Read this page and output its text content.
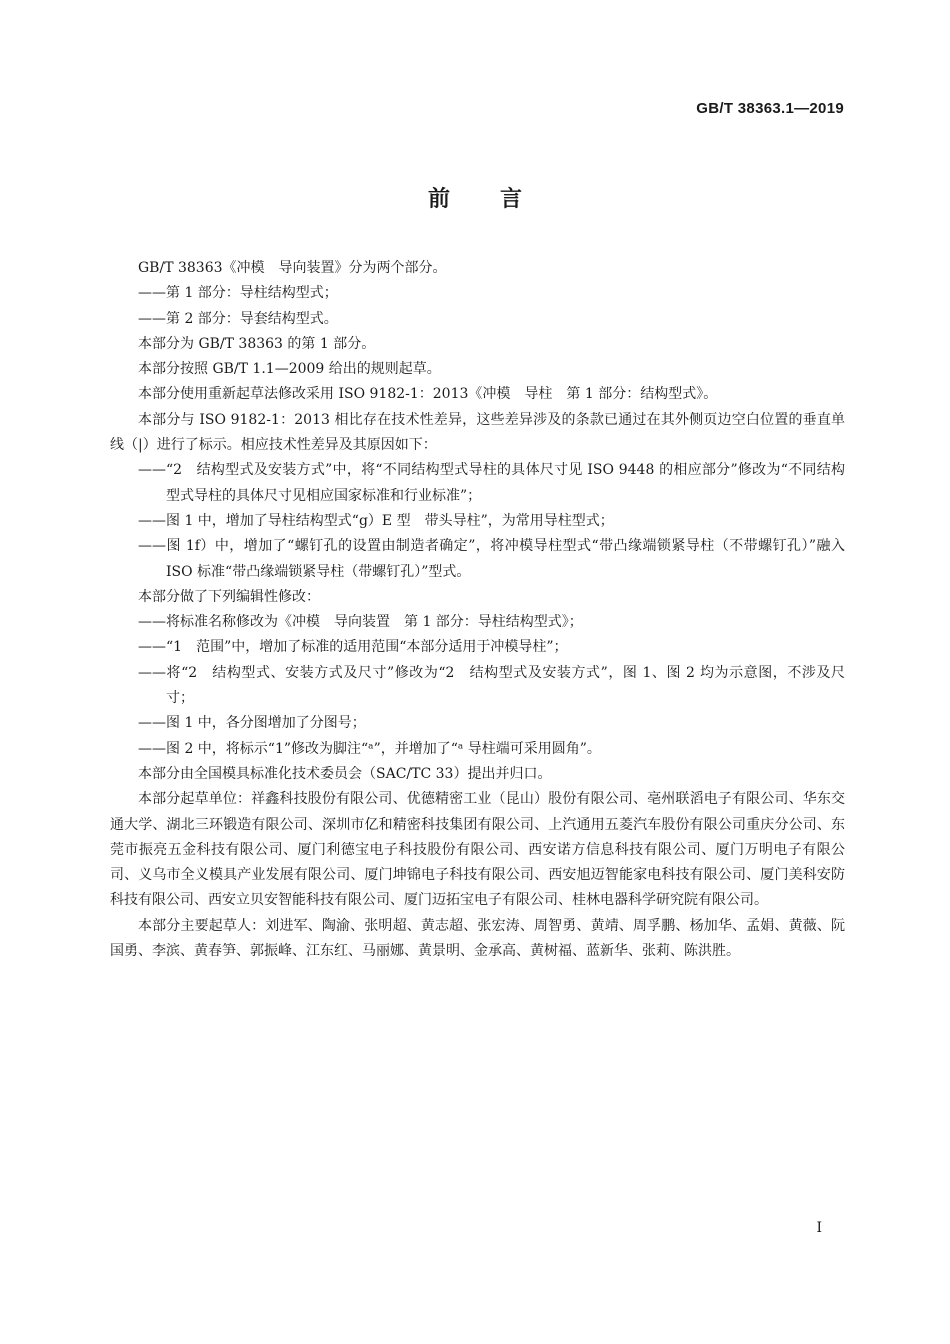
GB/T 38363.1—2019
前言

GB/T 38363《冲模　导向装置》分为两个部分。

——第 1 部分：导柱结构型式；

——第 2 部分：导套结构型式。

本部分为 GB/T 38363 的第 1 部分。

本部分按照 GB/T 1.1—2009 给出的规则起草。

本部分使用重新起草法修改采用 ISO 9182-1：2013《冲模　导柱　第 1 部分：结构型式》。

本部分与 ISO 9182-1：2013 相比存在技术性差异，这些差异涉及的条款已通过在其外侧页边空白位置的垂直单线（|）进行了标示。相应技术性差异及其原因如下：

——“2　结构型式及安装方式”中，将“不同结构型式导柱的具体尺寸见 ISO 9448 的相应部分”修改为“不同结构型式导柱的具体尺寸见相应国家标准和行业标准”；

——图 1 中，增加了导柱结构型式“g）E 型　带头导柱”，为常用导柱型式；

——图 1f）中，增加了“螺钉孔的设置由制造者确定”，将冲模导柱型式“带凸缘端锁紧导柱（不带螺钉孔）”融入 ISO 标准“带凸缘端锁紧导柱（带螺钉孔）”型式。

本部分做了下列编辑性修改：

——将标准名称修改为《冲模　导向装置　第 1 部分：导柱结构型式》；

——“1　范围”中，增加了标准的适用范围“本部分适用于冲模导柱”；

——将“2　结构型式、安装方式及尺寸”修改为“2　结构型式及安装方式”，图 1、图 2 均为示意图，不涉及尺寸；

——图 1 中，各分图增加了分图号；

——图 2 中，将标示“1”修改为脚注“ᵃ”，并增加了“ᵃ 导柱端可采用圆角”。

本部分由全国模具标准化技术委员会（SAC/TC 33）提出并归口。

本部分起草单位：祥鑫科技股份有限公司、优德精密工业（昆山）股份有限公司、亳州联滔电子有限公司、华东交通大学、湖北三环锻造有限公司、深圳市亿和精密科技集团有限公司、上汽通用五菱汽车股份有限公司重庆分公司、东莞市振亮五金科技有限公司、厦门利德宝电子科技股份有限公司、西安诺方信息科技有限公司、厦门万明电子有限公司、义乌市全义模具产业发展有限公司、厦门坤锦电子科技有限公司、西安旭迈智能家电科技有限公司、厦门美科安防科技有限公司、西安立贝安智能科技有限公司、厦门迈拓宝电子有限公司、桂林电器科学研究院有限公司。

本部分主要起草人：刘进军、陶渝、张明超、黄志超、张宏涛、周智勇、黄靖、周孚鹏、杨加华、孟娟、黄薇、阮国勇、李滨、黄春笋、郭振峰、江东红、马丽娜、黄景明、金承高、黄树福、蓝新华、张莉、陈洪胜。

I
